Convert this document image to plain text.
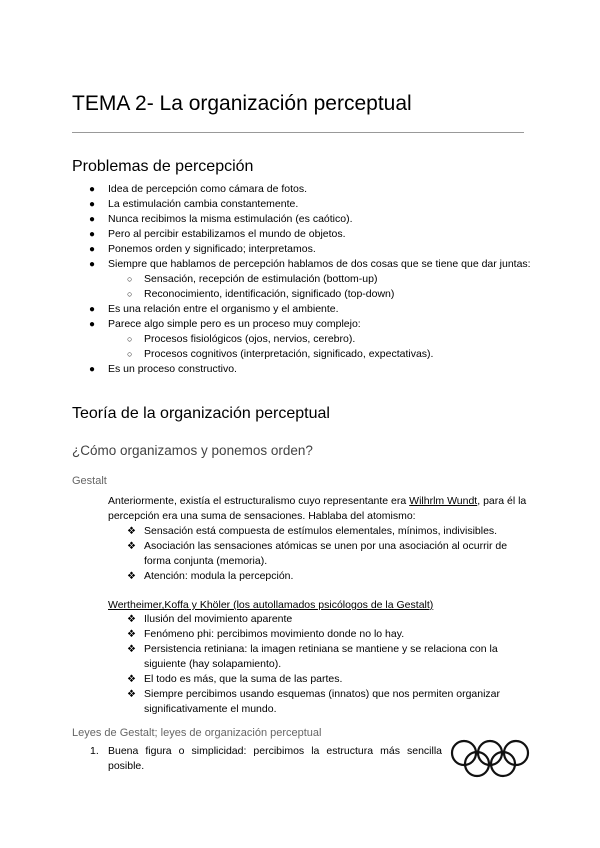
TEMA 2- La organización perceptual
Problemas de percepción
● Idea de percepción como cámara de fotos.
● La estimulación cambia constantemente.
● Nunca recibimos la misma estimulación (es caótico).
● Pero al percibir estabilizamos el mundo de objetos.
● Ponemos orden y significado; interpretamos.
● Siempre que hablamos de percepción hablamos de dos cosas que se tiene que dar juntas:
○ Sensación, recepción de estimulación (bottom-up)
○ Reconocimiento, identificación, significado (top-down)
● Es una relación entre el organismo y el ambiente.
● Parece algo simple pero es un proceso muy complejo:
○ Procesos fisiológicos (ojos, nervios, cerebro).
○ Procesos cognitivos (interpretación, significado, expectativas).
● Es un proceso constructivo.
Teoría de la organización perceptual
¿Cómo organizamos y ponemos orden?
Gestalt
Anteriormente, existía el estructuralismo cuyo representante era Wilhrlm Wundt, para él la percepción era una suma de sensaciones. Hablaba del atomismo:
❖ Sensación está compuesta de estímulos elementales, mínimos, indivisibles.
❖ Asociación las sensaciones atómicas se unen por una asociación al ocurrir de forma conjunta (memoria).
❖ Atención: modula la percepción.
Wertheimer,Koffa y Khöler (los autollamados psicólogos de la Gestalt)
❖ Ilusión del movimiento aparente
❖ Fenómeno phi: percibimos movimiento donde no lo hay.
❖ Persistencia retiniana: la imagen retiniana se mantiene y se relaciona con la siguiente (hay solapamiento).
❖ El todo es más, que la suma de las partes.
❖ Siempre percibimos usando esquemas (innatos) que nos permiten organizar significativamente el mundo.
Leyes de Gestalt; leyes de organización perceptual
1. Buena figura o simplicidad: percibimos la estructura más sencilla posible.
